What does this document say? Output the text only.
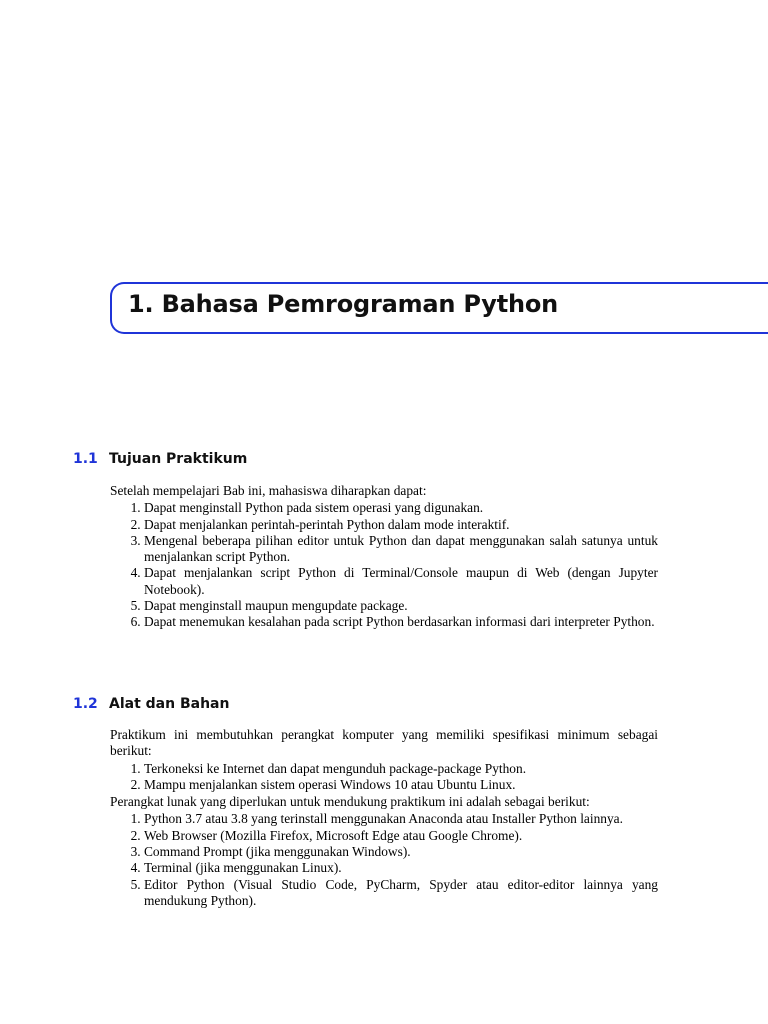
1. Bahasa Pemrograman Python
1.1 Tujuan Praktikum

Setelah mempelajari Bab ini, mahasiswa diharapkan dapat:

1. Dapat menginstall Python pada sistem operasi yang digunakan.
2. Dapat menjalankan perintah-perintah Python dalam mode interaktif.
3. Mengenal beberapa pilihan editor untuk Python dan dapat menggunakan salah satunya untuk menjalankan script Python.
4. Dapat menjalankan script Python di Terminal/Console maupun di Web (dengan Jupyter Notebook).
5. Dapat menginstall maupun mengupdate package.
6. Dapat menemukan kesalahan pada script Python berdasarkan informasi dari interpreter Python.
1.2 Alat dan Bahan

Praktikum ini membutuhkan perangkat komputer yang memiliki spesifikasi minimum sebagai berikut:

1. Terkoneksi ke Internet dan dapat mengunduh package-package Python.
2. Mampu menjalankan sistem operasi Windows 10 atau Ubuntu Linux.

Perangkat lunak yang diperlukan untuk mendukung praktikum ini adalah sebagai berikut:

1. Python 3.7 atau 3.8 yang terinstall menggunakan Anaconda atau Installer Python lainnya.
2. Web Browser (Mozilla Firefox, Microsoft Edge atau Google Chrome).
3. Command Prompt (jika menggunakan Windows).
4. Terminal (jika menggunakan Linux).
5. Editor Python (Visual Studio Code, PyCharm, Spyder atau editor-editor lainnya yang mendukung Python).
